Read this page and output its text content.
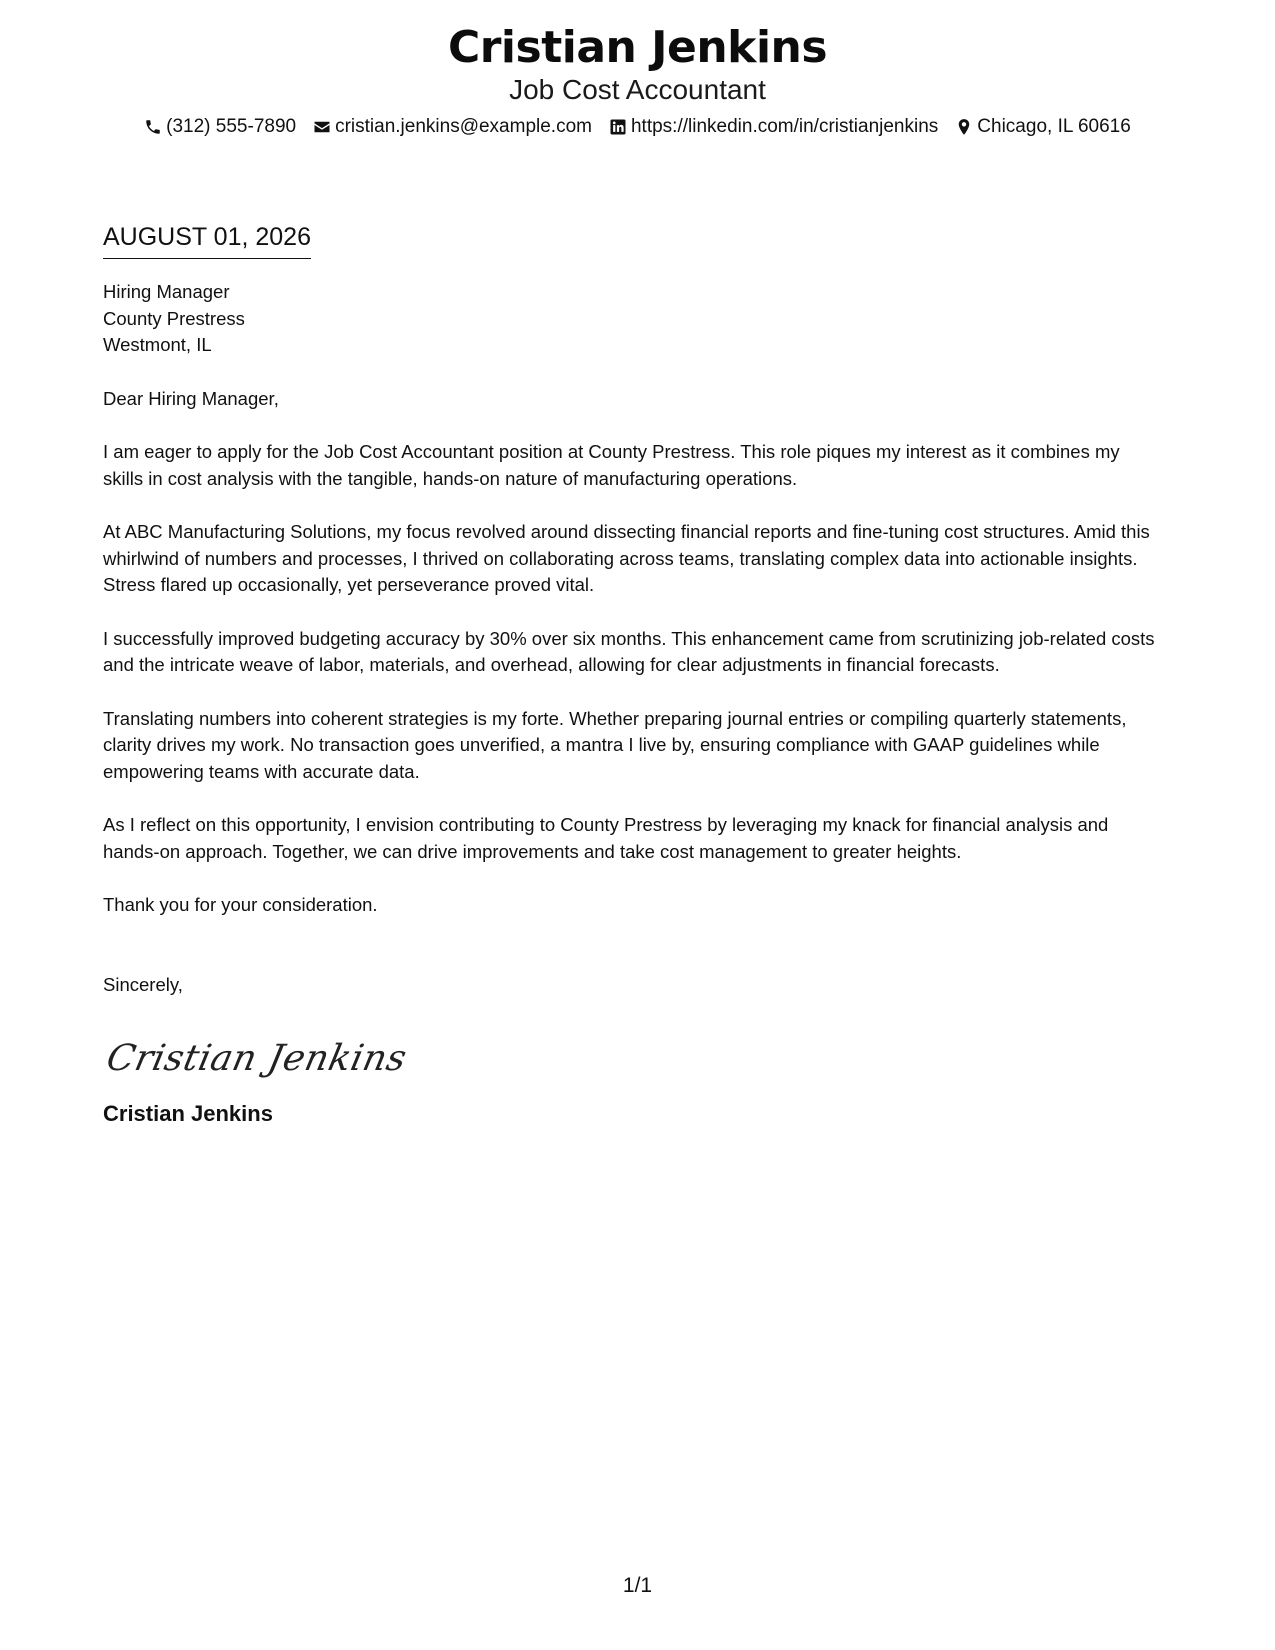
Cristian Jenkins
Job Cost Accountant
(312) 555-7890 cristian.jenkins@example.com https://linkedin.com/in/cristianjenkins Chicago, IL 60616
AUGUST 01, 2026
Hiring Manager
County Prestress
Westmont, IL
Dear Hiring Manager,

I am eager to apply for the Job Cost Accountant position at County Prestress. This role piques my interest as it combines my skills in cost analysis with the tangible, hands-on nature of manufacturing operations.

At ABC Manufacturing Solutions, my focus revolved around dissecting financial reports and fine-tuning cost structures. Amid this whirlwind of numbers and processes, I thrived on collaborating across teams, translating complex data into actionable insights. Stress flared up occasionally, yet perseverance proved vital.

I successfully improved budgeting accuracy by 30% over six months. This enhancement came from scrutinizing job-related costs and the intricate weave of labor, materials, and overhead, allowing for clear adjustments in financial forecasts.

Translating numbers into coherent strategies is my forte. Whether preparing journal entries or compiling quarterly statements, clarity drives my work. No transaction goes unverified, a mantra I live by, ensuring compliance with GAAP guidelines while empowering teams with accurate data.

As I reflect on this opportunity, I envision contributing to County Prestress by leveraging my knack for financial analysis and hands-on approach. Together, we can drive improvements and take cost management to greater heights.

Thank you for your consideration.

Sincerely,
Cristian Jenkins
Cristian Jenkins
1/1
